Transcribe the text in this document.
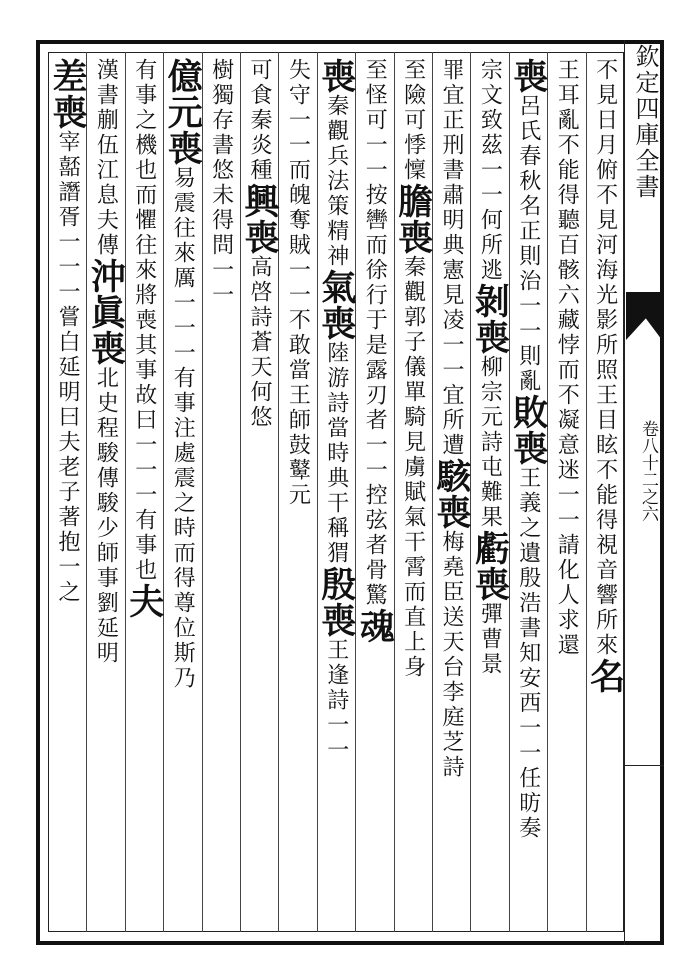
欽定四庫全書
卷八十二之六
不見日月俯不見河海光影所照王目眩不能得視音響所來名
王耳亂不能得聽百骸六藏悖而不凝意迷一一請化人求還
喪呂氏春秋名正則治一一則亂敗喪王義之遺殷浩書知安西一一任昉奏
宗文致茲一一何所逃剝喪柳宗元詩屯難果虧喪彈曹景
罪宜正刑書肅明典憲見凌一一宜所遭駭喪梅堯臣送天台李庭芝詩
至險可悸懍膽喪秦觀郭子儀單騎見虜賦氣干霄而直上身
至怪可一一按轡而徐行于是露刃者一一控弦者骨驚魂
喪秦觀兵法策精神氣喪陸游詩當時典干稱猬殷喪王逢詩一一
失守一一而魄奪賊一一不敢當王師鼓鼙元
可食秦炎種興喪高啓詩蒼天何悠
樹獨存書悠未得問一一
億元喪易震往來厲一一一有事注處震之時而得尊位斯乃
有事之機也而懼往來將喪其事故曰一一一有事也夫
漢書蒯伍江息夫傳沖眞喪北史程駿傳駿少師事劉延明
差喪宰嚭譖胥一一一嘗白延明曰夫老子著抱一之
